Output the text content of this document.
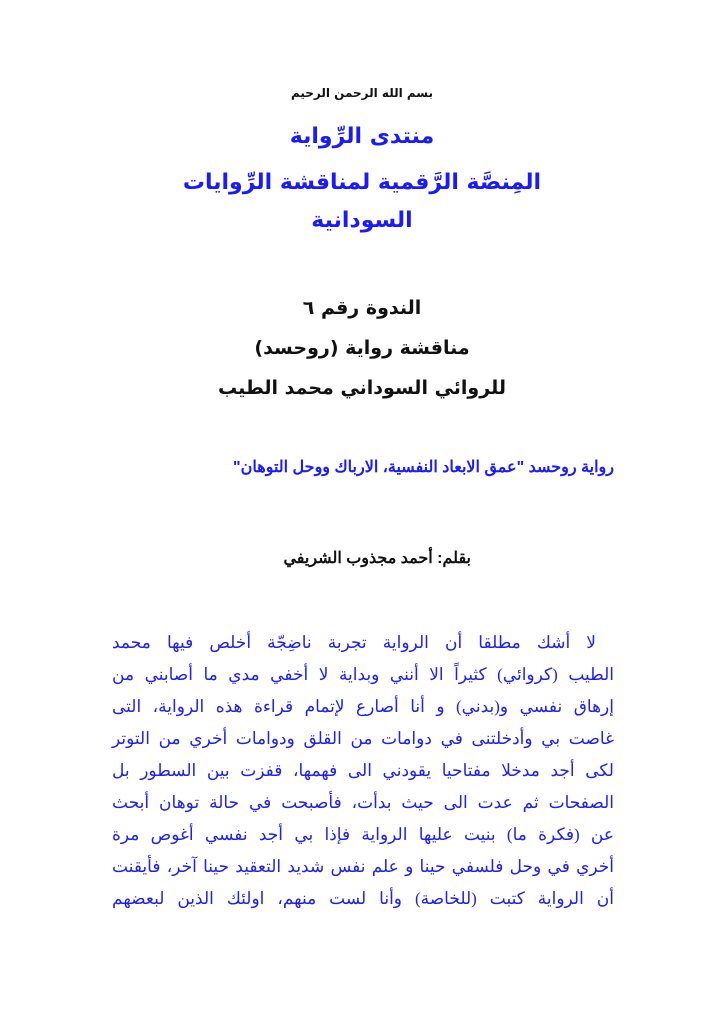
بسم الله الرحمن الرحيم
منتدى الرِّواية
المِنصَّة الرَّقمية لمناقشة الرِّوايات
السودانية
الندوة رقم ٦
مناقشة رواية (روحسد)
للروائي السوداني محمد الطيب
رواية روحسد "عمق الابعاد النفسية، الارباك ووحل التوهان"
بقلم: أحمد مجذوب الشريفي
لا أشك مطلقا أن الرواية تجربة ناضِجّة أخلص فيها محمد
الطيب (كروائي) كثيراً الا أنني وبداية لا أخفي مدي ما أصابني من
إرهاق نفسي و(بدني) و أنا أصارع لإتمام قراءة هذه الرواية، التى
غاصت بي وأدخلتنى في دوامات من القلق ودوامات أخري من التوتر
لكى أجد مدخلا مفتاحيا يقودني الى فهمها، قفزت بين السطور بل
الصفحات ثم عدت الى حيث بدأت، فأصبحت في حالة توهان أبحث
عن (فكرة ما) بنيت عليها الرواية فإذا بي أجد نفسي أغوص مرة
أخري في وحل فلسفي حينا و علم نفس شديد التعقيد حينا آخر، فأيقنت
أن الرواية كتبت (للخاصة) وأنا لست منهم، اولئك الذين لبعضهم
